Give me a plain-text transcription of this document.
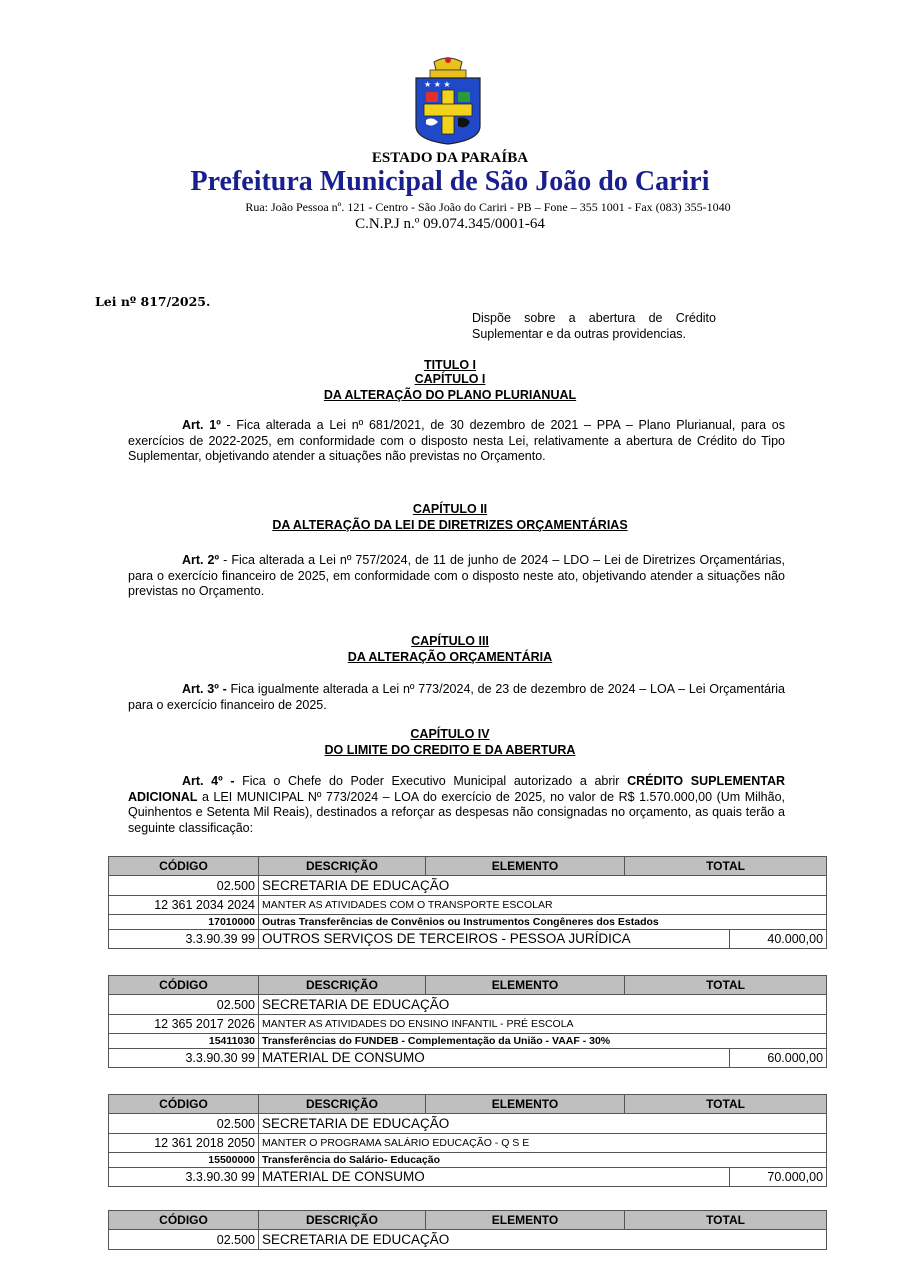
★ ★ ★
ESTADO DA PARAÍBA
Prefeitura Municipal de São João do Cariri
Rua: João Pessoa nº. 121 - Centro - São João do Cariri - PB – Fone – 355 1001 - Fax (083) 355-1040
C.N.P.J n.º 09.074.345/0001-64
Lei nº 817/2025.
Dispõe sobre a abertura de Crédito Suplementar e da outras providencias.
TITULO I
CAPÍTULO I
DA ALTERAÇÃO DO PLANO PLURIANUAL
Art. 1º - Fica alterada a Lei nº 681/2021, de 30 dezembro de 2021 – PPA – Plano Plurianual, para os exercícios de 2022-2025, em conformidade com o disposto nesta Lei, relativamente a abertura de Crédito do Tipo Suplementar, objetivando atender a situações não previstas no Orçamento.
CAPÍTULO II
DA ALTERAÇÃO DA LEI DE DIRETRIZES ORÇAMENTÁRIAS
Art. 2º - Fica alterada a Lei nº 757/2024, de 11 de junho de 2024 – LDO – Lei de Diretrizes Orçamentárias, para o exercício financeiro de 2025, em conformidade com o disposto neste ato, objetivando atender a situações não previstas no Orçamento.
CAPÍTULO III
DA ALTERAÇÃO ORÇAMENTÁRIA
Art. 3º - Fica igualmente alterada a Lei nº 773/2024, de 23 de dezembro de 2024 – LOA – Lei Orçamentária para o exercício financeiro de 2025.
CAPÍTULO IV
DO LIMITE DO CREDITO E DA ABERTURA
Art. 4º - Fica o Chefe do Poder Executivo Municipal autorizado a abrir CRÉDITO SUPLEMENTAR ADICIONAL a LEI MUNICIPAL Nº 773/2024 – LOA do exercício de 2025, no valor de R$ 1.570.000,00 (Um Milhão, Quinhentos e Setenta Mil Reais), destinados a reforçar as despesas não consignadas no orçamento, as quais terão a seguinte classificação:
CÓDIGO	DESCRIÇÃO	ELEMENTO	TOTAL	
02.500	SECRETARIA DE EDUCAÇÃO			
12 361 2034 2024	MANTER AS ATIVIDADES COM O TRANSPORTE ESCOLAR			
17010000	Outras Transferências de Convênios ou Instrumentos Congêneres dos Estados			
3.3.90.39 99	OUTROS SERVIÇOS DE TERCEIROS - PESSOA JURÍDICA			40.000,00
CÓDIGO	DESCRIÇÃO	ELEMENTO	TOTAL	
02.500	SECRETARIA DE EDUCAÇÃO			
12 365 2017 2026	MANTER AS ATIVIDADES DO ENSINO INFANTIL - PRÉ ESCOLA			
15411030	Transferências do FUNDEB - Complementação da União - VAAF - 30%			
3.3.90.30 99	MATERIAL DE CONSUMO			60.000,00
CÓDIGO	DESCRIÇÃO	ELEMENTO	TOTAL	
02.500	SECRETARIA DE EDUCAÇÃO			
12 361 2018 2050	MANTER O PROGRAMA SALÁRIO EDUCAÇÃO - Q S E			
15500000	Transferência do Salário- Educação			
3.3.90.30 99	MATERIAL DE CONSUMO			70.000,00
CÓDIGO	DESCRIÇÃO	ELEMENTO	TOTAL
02.500	SECRETARIA DE EDUCAÇÃO		
